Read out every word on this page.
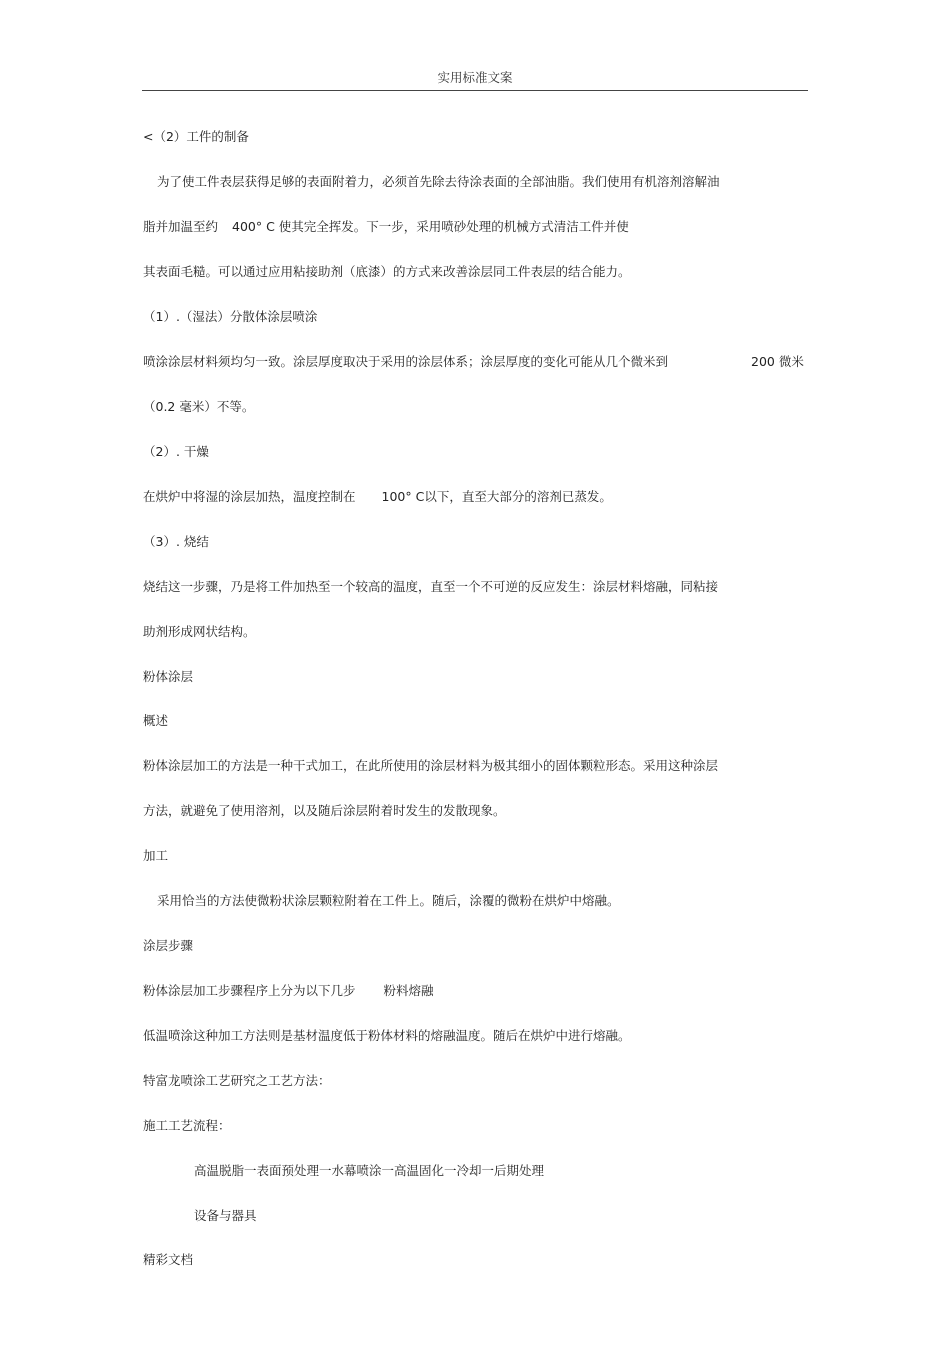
实用标准文案
<（2）工件的制备
为了使工件表层获得足够的表面附着力，必须首先除去待涂表面的全部油脂。我们使用有机溶剂溶解油
脂并加温至约 400° C 使其完全挥发。下一步，采用喷砂处理的机械方式清洁工件并使
其表面毛糙。可以通过应用粘接助剂（底漆）的方式来改善涂层同工件表层的结合能力。
（1）.（湿法）分散体涂层喷涂
喷涂涂层材料须均匀一致。涂层厚度取决于采用的涂层体系；涂层厚度的变化可能从几个微米到	200 微米
（0.2 毫米）不等。
（2）. 干燥
在烘炉中将湿的涂层加热，温度控制在 100° C以下，直至大部分的溶剂已蒸发。
（3）. 烧结
烧结这一步骤，乃是将工件加热至一个较高的温度，直至一个不可逆的反应发生：涂层材料熔融，同粘接
助剂形成网状结构。
粉体涂层
概述
粉体涂层加工的方法是一种干式加工，在此所使用的涂层材料为极其细小的固体颗粒形态。采用这种涂层
方法，就避免了使用溶剂，以及随后涂层附着时发生的发散现象。
加工
采用恰当的方法使微粉状涂层颗粒附着在工件上。随后，涂覆的微粉在烘炉中熔融。
涂层步骤
粉体涂层加工步骤程序上分为以下几步 粉料熔融
低温喷涂这种加工方法则是基材温度低于粉体材料的熔融温度。随后在烘炉中进行熔融。
特富龙喷涂工艺研究之工艺方法：
施工工艺流程：
高温脱脂一表面预处理一水幕喷涂一高温固化一冷却一后期处理
设备与器具
精彩文档
